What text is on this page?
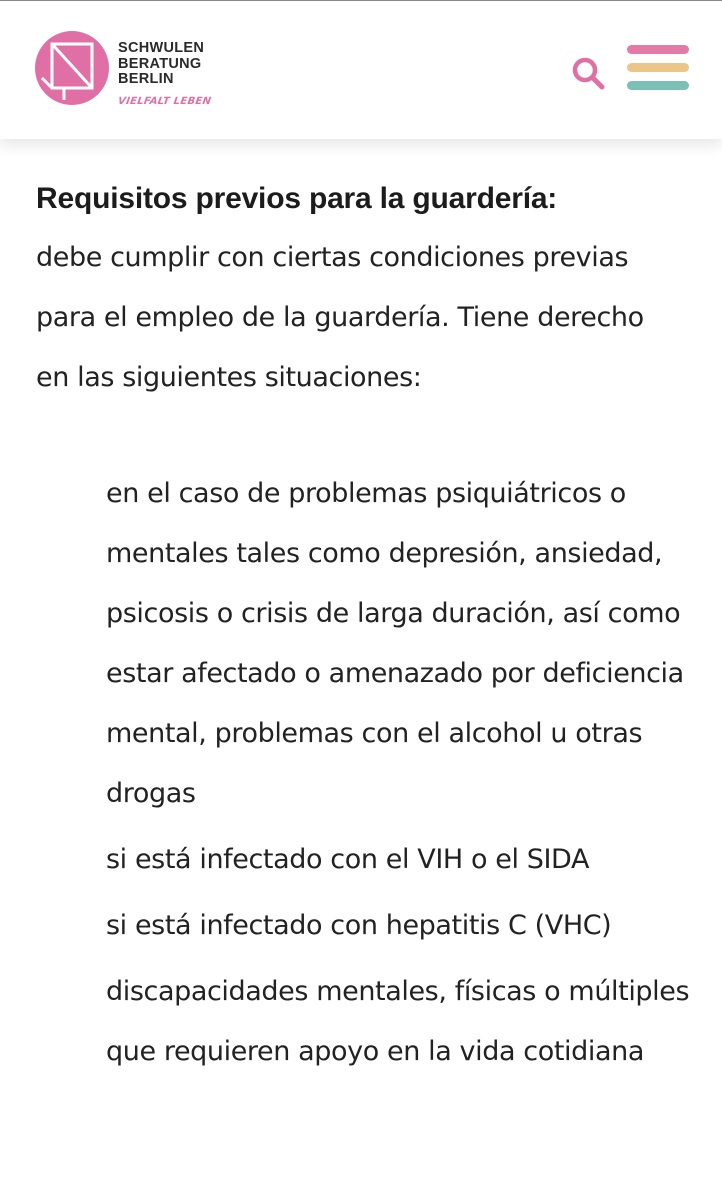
SCHWULEN
BERATUNG
BERLIN
VIELFALT LEBEN
Requisitos previos para la guardería:

debe cumplir con ciertas condiciones previas para el empleo de la guardería. Tiene derecho en las siguientes situaciones:

en el caso de problemas psiquiátricos o mentales tales como depresión, ansiedad, psicosis o crisis de larga duración, así como estar afectado o amenazado por deficiencia mental, problemas con el alcohol u otras drogas
si está infectado con el VIH o el SIDA
si está infectado con hepatitis C (VHC)
discapacidades mentales, físicas o múltiples que requieren apoyo en la vida cotidiana
